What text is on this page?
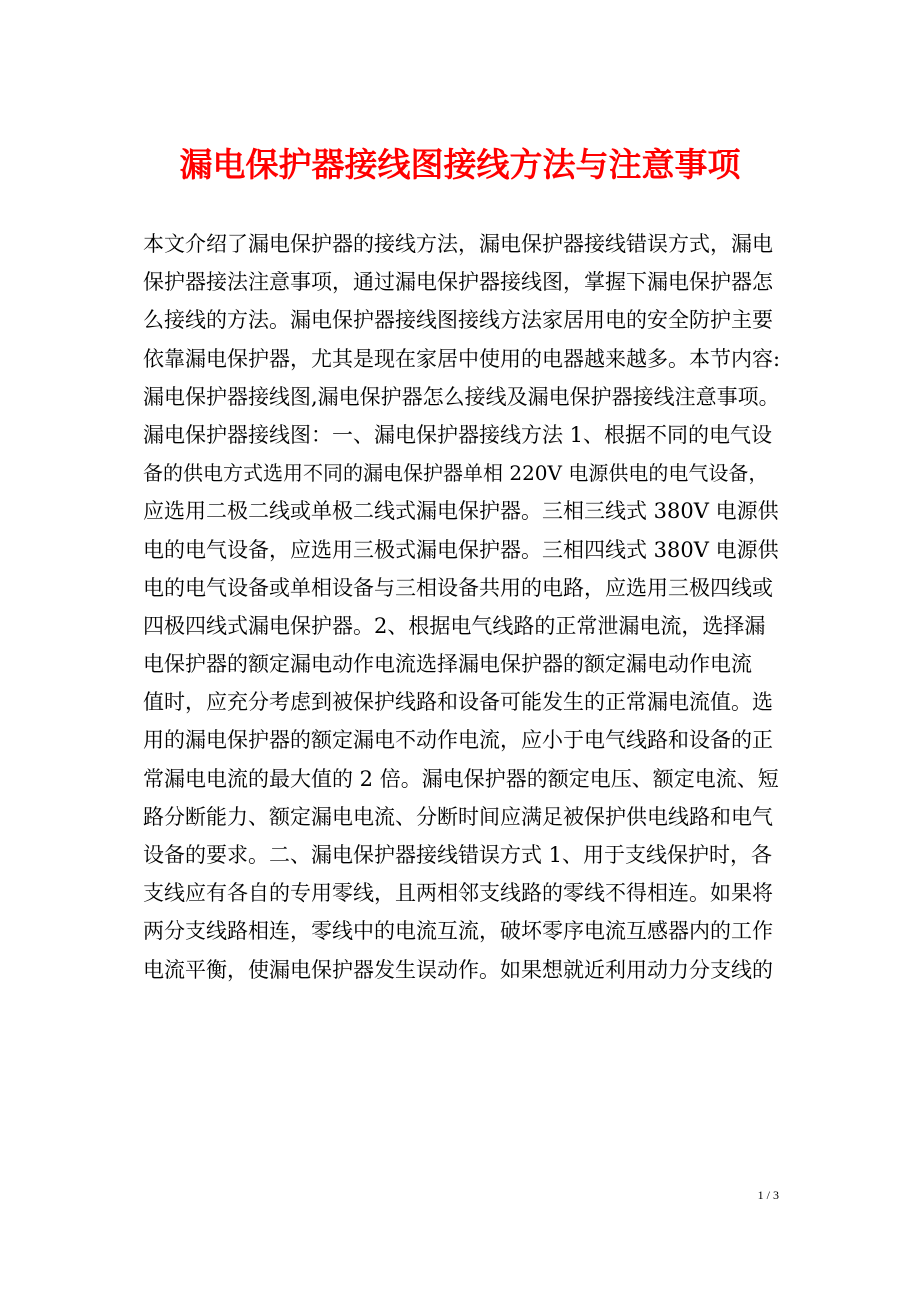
漏电保护器接线图接线方法与注意事项
本文介绍了漏电保护器的接线方法，漏电保护器接线错误方式，漏电
保护器接法注意事项，通过漏电保护器接线图，掌握下漏电保护器怎
么接线的方法。漏电保护器接线图接线方法家居用电的安全防护主要
依靠漏电保护器，尤其是现在家居中使用的电器越来越多。本节内容:
漏电保护器接线图,漏电保护器怎么接线及漏电保护器接线注意事项。
漏电保护器接线图：一、漏电保护器接线方法 1、根据不同的电气设
备的供电方式选用不同的漏电保护器单相 220V 电源供电的电气设备，
应选用二极二线或单极二线式漏电保护器。三相三线式 380V 电源供
电的电气设备，应选用三极式漏电保护器。三相四线式 380V 电源供
电的电气设备或单相设备与三相设备共用的电路，应选用三极四线或
四极四线式漏电保护器。2、根据电气线路的正常泄漏电流，选择漏
电保护器的额定漏电动作电流选择漏电保护器的额定漏电动作电流
值时，应充分考虑到被保护线路和设备可能发生的正常漏电流值。选
用的漏电保护器的额定漏电不动作电流，应小于电气线路和设备的正
常漏电电流的最大值的 2 倍。漏电保护器的额定电压、额定电流、短
路分断能力、额定漏电电流、分断时间应满足被保护供电线路和电气
设备的要求。二、漏电保护器接线错误方式 1、用于支线保护时，各
支线应有各自的专用零线，且两相邻支线路的零线不得相连。如果将
两分支线路相连，零线中的电流互流，破坏零序电流互感器内的工作
电流平衡，使漏电保护器发生误动作。如果想就近利用动力分支线的
1 / 3
